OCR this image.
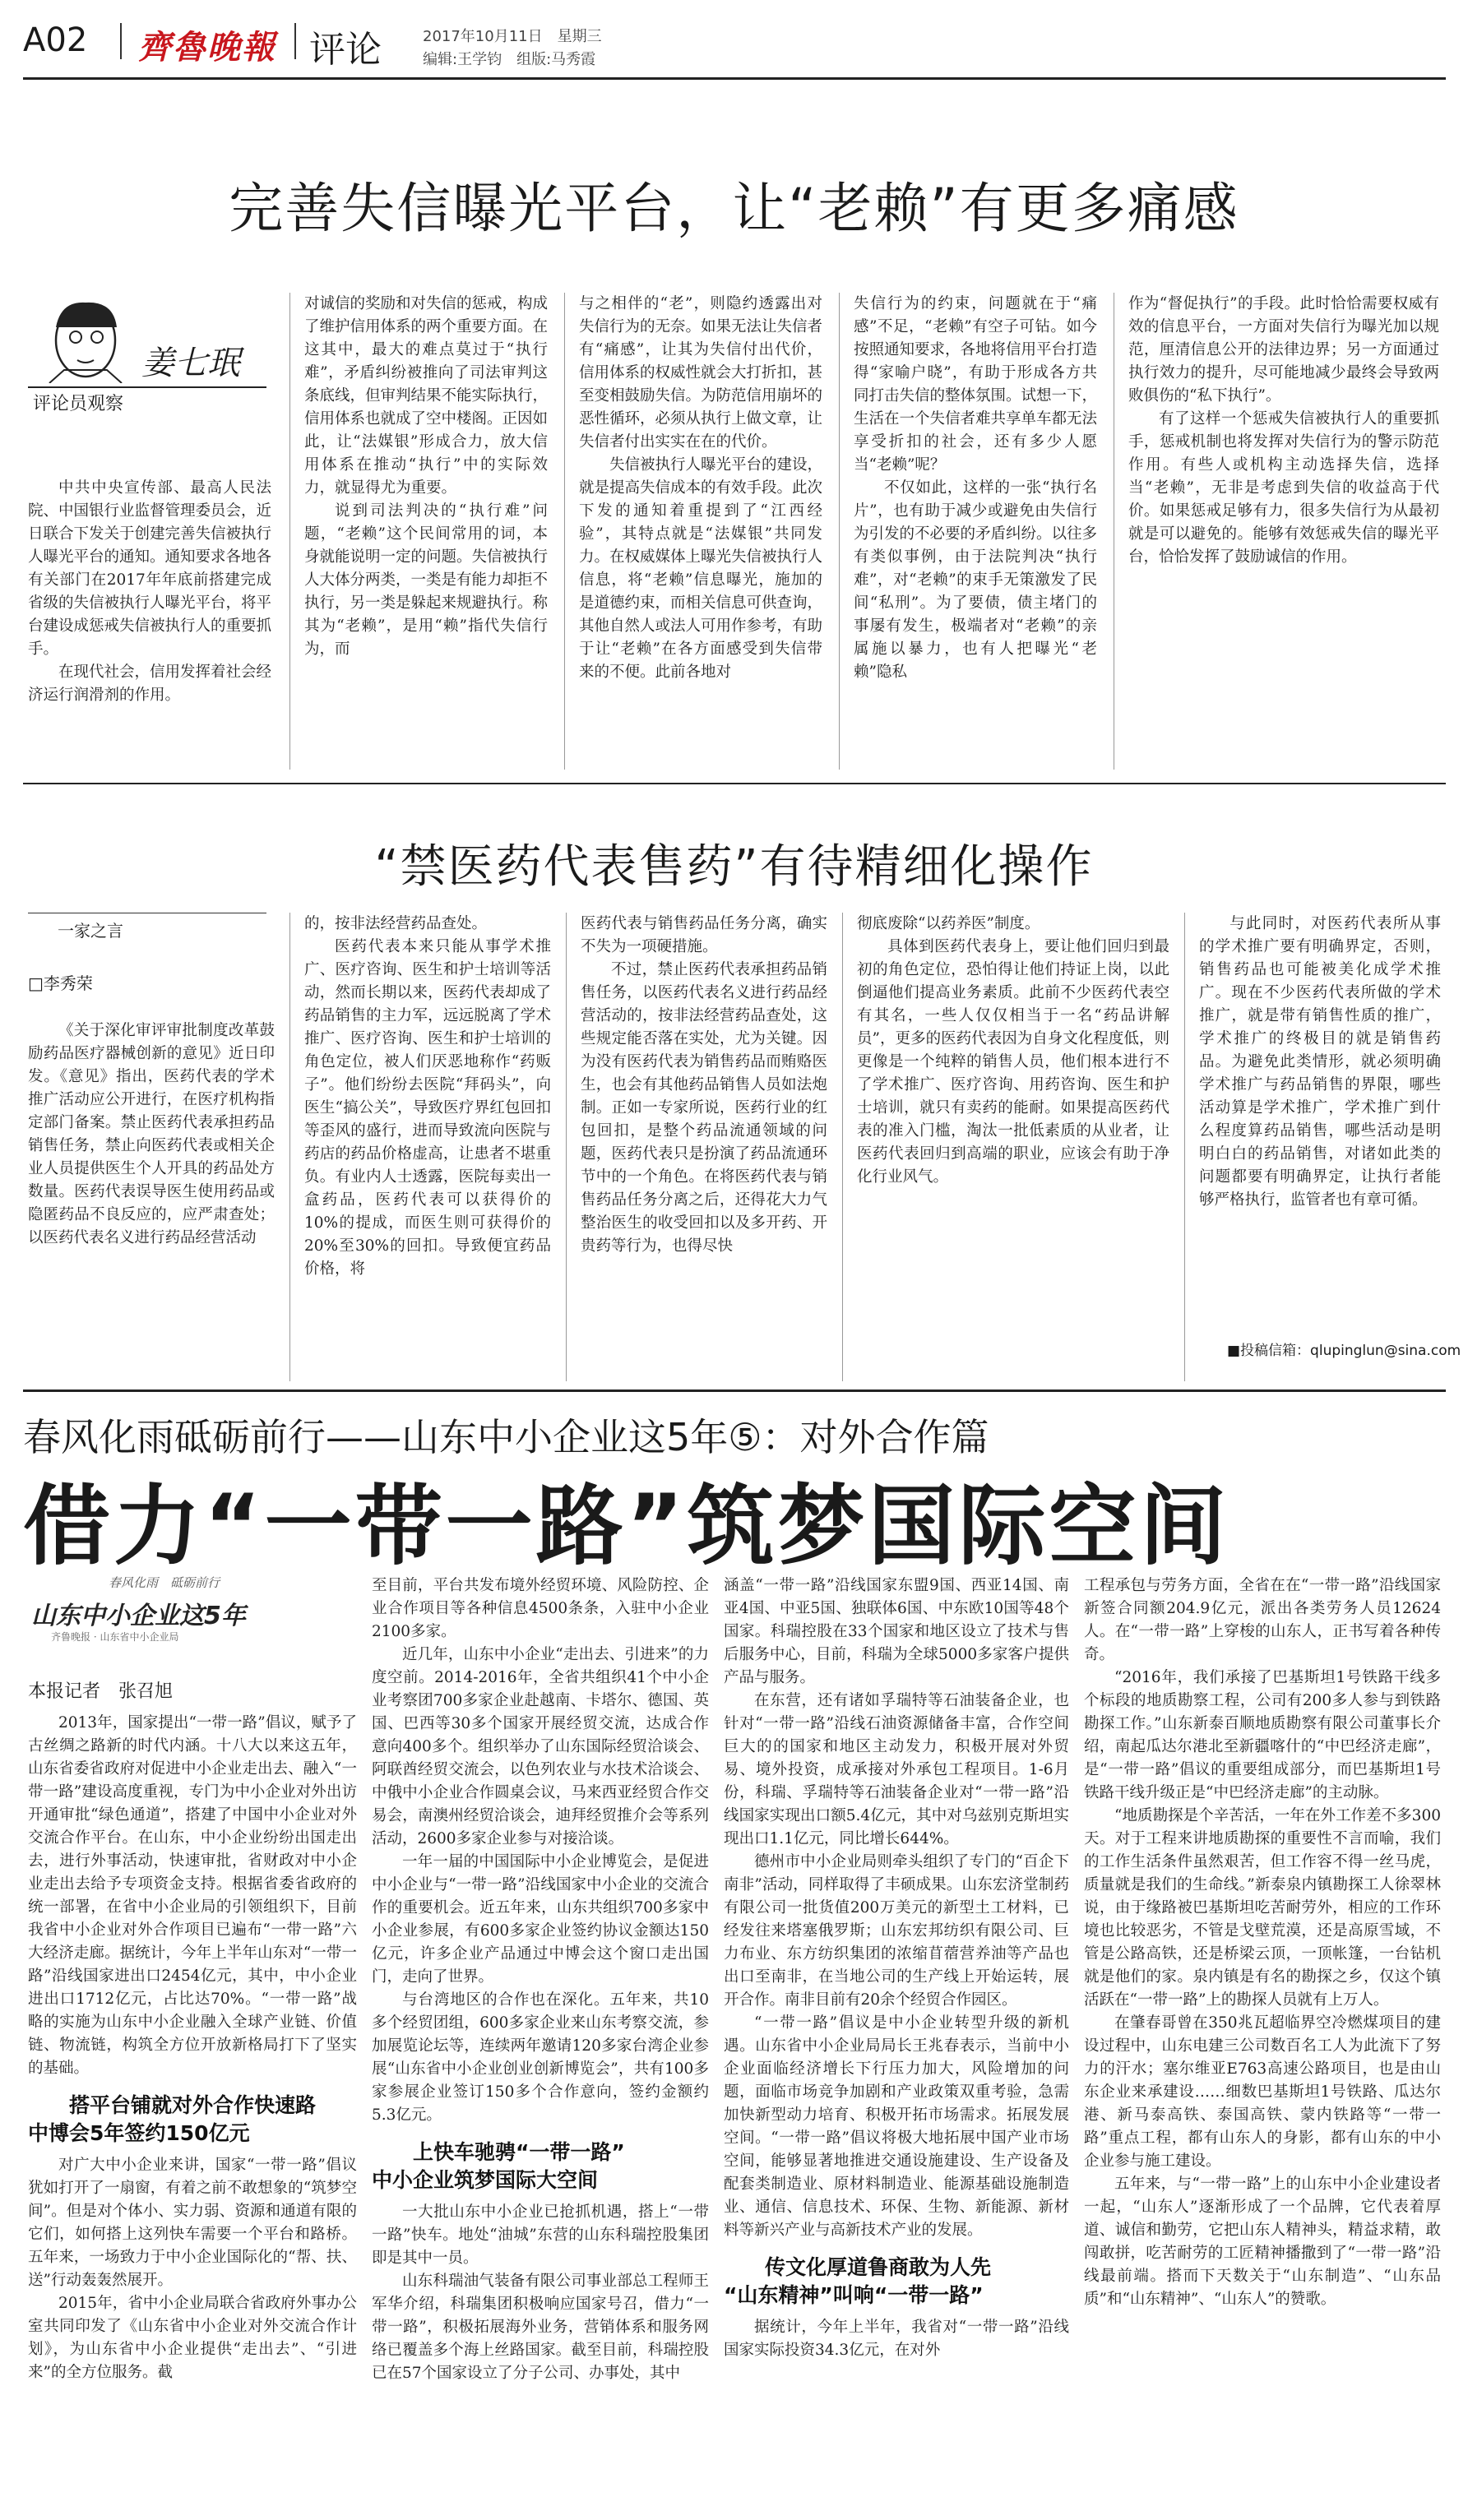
A02 齊魯晚報 评论	2017年10月11日　星期三
编辑:王学钧　组版:马秀霞
完善失信曝光平台，让“老赖”有更多痛感
姜七珉
评论员观察

中共中央宣传部、最高人民法院、中国银行业监督管理委员会，近日联合下发关于创建完善失信被执行人曝光平台的通知。通知要求各地各有关部门在2017年年底前搭建完成省级的失信被执行人曝光平台，将平台建设成惩戒失信被执行人的重要抓手。

在现代社会，信用发挥着社会经济运行润滑剂的作用。

对诚信的奖励和对失信的惩戒，构成了维护信用体系的两个重要方面。在这其中，最大的难点莫过于“执行难”，矛盾纠纷被推向了司法审判这条底线，但审判结果不能实际执行，信用体系也就成了空中楼阁。正因如此，让“法媒银”形成合力，放大信用体系在推动“执行”中的实际效力，就显得尤为重要。

说到司法判决的“执行难”问题，“老赖”这个民间常用的词，本身就能说明一定的问题。失信被执行人大体分两类，一类是有能力却拒不执行，另一类是躲起来规避执行。称其为“老赖”，是用“赖”指代失信行为，而

与之相伴的“老”，则隐约透露出对失信行为的无奈。如果无法让失信者有“痛感”，让其为失信付出代价，信用体系的权威性就会大打折扣，甚至变相鼓励失信。为防范信用崩坏的恶性循环，必须从执行上做文章，让失信者付出实实在在的代价。

失信被执行人曝光平台的建设，就是提高失信成本的有效手段。此次下发的通知着重提到了“江西经验”，其特点就是“法媒银”共同发力。在权威媒体上曝光失信被执行人信息，将“老赖”信息曝光，施加的是道德约束，而相关信息可供查询，其他自然人或法人可用作参考，有助于让“老赖”在各方面感受到失信带来的不便。此前各地对

失信行为的约束，问题就在于“痛感”不足，“老赖”有空子可钻。如今按照通知要求，各地将信用平台打造得“家喻户晓”，有助于形成各方共同打击失信的整体氛围。试想一下，生活在一个失信者难共享单车都无法享受折扣的社会，还有多少人愿当“老赖”呢？

不仅如此，这样的一张“执行名片”，也有助于减少或避免由失信行为引发的不必要的矛盾纠纷。以往多有类似事例，由于法院判决“执行难”，对“老赖”的束手无策激发了民间“私刑”。为了要债，债主堵门的事屡有发生，极端者对“老赖”的亲属施以暴力，也有人把曝光“老赖”隐私

作为“督促执行”的手段。此时恰恰需要权威有效的信息平台，一方面对失信行为曝光加以规范，厘清信息公开的法律边界；另一方面通过执行效力的提升，尽可能地减少最终会导致两败俱伤的“私下执行”。

有了这样一个惩戒失信被执行人的重要抓手，惩戒机制也将发挥对失信行为的警示防范作用。有些人或机构主动选择失信，选择当“老赖”，无非是考虑到失信的收益高于代价。如果惩戒足够有力，很多失信行为从最初就是可以避免的。能够有效惩戒失信的曝光平台，恰恰发挥了鼓励诚信的作用。

“禁医药代表售药”有待精细化操作
一家之言
□李秀荣

《关于深化审评审批制度改革鼓励药品医疗器械创新的意见》近日印发。《意见》指出，医药代表的学术推广活动应公开进行，在医疗机构指定部门备案。禁止医药代表承担药品销售任务，禁止向医药代表或相关企业人员提供医生个人开具的药品处方数量。医药代表误导医生使用药品或隐匿药品不良反应的，应严肃查处；以医药代表名义进行药品经营活动

的，按非法经营药品查处。

医药代表本来只能从事学术推广、医疗咨询、医生和护士培训等活动，然而长期以来，医药代表却成了药品销售的主力军，远远脱离了学术推广、医疗咨询、医生和护士培训的角色定位，被人们厌恶地称作“药贩子”。他们纷纷去医院“拜码头”，向医生“搞公关”，导致医疗界红包回扣等歪风的盛行，进而导致流向医院与药店的药品价格虚高，让患者不堪重负。有业内人士透露，医院每卖出一盒药品，医药代表可以获得价的10%的提成，而医生则可获得价的20%至30%的回扣。导致便宜药品价格，将

医药代表与销售药品任务分离，确实不失为一项硬措施。

不过，禁止医药代表承担药品销售任务，以医药代表名义进行药品经营活动的，按非法经营药品查处，这些规定能否落在实处，尤为关键。因为没有医药代表为销售药品而贿赂医生，也会有其他药品销售人员如法炮制。正如一专家所说，医药行业的红包回扣，是整个药品流通领域的问题，医药代表只是扮演了药品流通环节中的一个角色。在将医药代表与销售药品任务分离之后，还得花大力气整治医生的收受回扣以及多开药、开贵药等行为，也得尽快

彻底废除“以药养医”制度。

具体到医药代表身上，要让他们回归到最初的角色定位，恐怕得让他们持证上岗，以此倒逼他们提高业务素质。此前不少医药代表空有其名，一些人仅仅相当于一名“药品讲解员”，更多的医药代表因为自身文化程度低，则更像是一个纯粹的销售人员，他们根本进行不了学术推广、医疗咨询、用药咨询、医生和护士培训，就只有卖药的能耐。如果提高医药代表的准入门槛，淘汰一批低素质的从业者，让医药代表回归到高端的职业，应该会有助于净化行业风气。

与此同时，对医药代表所从事的学术推广要有明确界定，否则，销售药品也可能被美化成学术推广。现在不少医药代表所做的学术推广，就是带有销售性质的推广，学术推广的终极目的就是销售药品。为避免此类情形，就必须明确学术推广与药品销售的界限，哪些活动算是学术推广，学术推广到什么程度算药品销售，哪些活动是明明白白的药品销售，对诸如此类的问题都要有明确界定，让执行者能够严格执行，监管者也有章可循。

■投稿信箱：qlupinglun@sina.com
春风化雨砥砺前行——山东中小企业这5年⑤：对外合作篇
借力“一带一路”筑梦国际空间
春风化雨　砥砺前行
山东中小企业这5年
齐鲁晚报 · 山东省中小企业局
本报记者　张召旭

2013年，国家提出“一带一路”倡议，赋予了古丝绸之路新的时代内涵。十八大以来这五年，山东省委省政府对促进中小企业走出去、融入“一带一路”建设高度重视，专门为中小企业对外出访开通审批“绿色通道”，搭建了中国中小企业对外交流合作平台。在山东，中小企业纷纷出国走出去，进行外事活动，快速审批，省财政对中小企业走出去给予专项资金支持。根据省委省政府的统一部署，在省中小企业局的引领组织下，目前我省中小企业对外合作项目已遍布“一带一路”六大经济走廊。据统计，今年上半年山东对“一带一路”沿线国家进出口2454亿元，其中，中小企业进出口1712亿元，占比达70%。“一带一路”战略的实施为山东中小企业融入全球产业链、价值链、物流链，构筑全方位开放新格局打下了坚实的基础。

搭平台铺就对外合作快速路
中博会5年签约150亿元

对广大中小企业来讲，国家“一带一路”倡议犹如打开了一扇窗，有着之前不敢想象的“筑梦空间”。但是对个体小、实力弱、资源和通道有限的它们，如何搭上这列快车需要一个平台和路桥。五年来，一场致力于中小企业国际化的“帮、扶、送”行动轰轰然展开。

2015年，省中小企业局联合省政府外事办公室共同印发了《山东省中小企业对外交流合作计划》，为山东省中小企业提供“走出去”、“引进来”的全方位服务。截

至目前，平台共发布境外经贸环境、风险防控、企业合作项目等各种信息4500条条，入驻中小企业2100多家。

近几年，山东中小企业“走出去、引进来”的力度空前。2014-2016年，全省共组织41个中小企业考察团700多家企业赴越南、卡塔尔、德国、英国、巴西等30多个国家开展经贸交流，达成合作意向400多个。组织举办了山东国际经贸洽谈会、阿联酋经贸交流会，以色列农业与水技术洽谈会、中俄中小企业合作圆桌会议，马来西亚经贸合作交易会，南澳州经贸洽谈会，迪拜经贸推介会等系列活动，2600多家企业参与对接洽谈。

一年一届的中国国际中小企业博览会，是促进中小企业与“一带一路”沿线国家中小企业的交流合作的重要机会。近五年来，山东共组织700多家中小企业参展，有600多家企业签约协议金额达150亿元，许多企业产品通过中博会这个窗口走出国门，走向了世界。

与台湾地区的合作也在深化。五年来，共10多个经贸团组，600多家企业来山东考察交流，参加展览论坛等，连续两年邀请120多家台湾企业参展“山东省中小企业创业创新博览会”，共有100多家参展企业签订150多个合作意向，签约金额约5.3亿元。

上快车驰骋“一带一路”
中小企业筑梦国际大空间

一大批山东中小企业已抢抓机遇，搭上“一带一路”快车。地处“油城”东营的山东科瑞控股集团即是其中一员。

山东科瑞油气装备有限公司事业部总工程师王军华介绍，科瑞集团积极响应国家号召，借力“一带一路”，积极拓展海外业务，营销体系和服务网络已覆盖多个海上丝路国家。截至目前，科瑞控股已在57个国家设立了分子公司、办事处，其中

涵盖“一带一路”沿线国家东盟9国、西亚14国、南亚4国、中亚5国、独联体6国、中东欧10国等48个国家。科瑞控股在33个国家和地区设立了技术与售后服务中心，目前，科瑞为全球5000多家客户提供产品与服务。

在东营，还有诸如孚瑞特等石油装备企业，也针对“一带一路”沿线石油资源储备丰富，合作空间巨大的的国家和地区主动发力，积极开展对外贸易、境外投资，成承接对外承包工程项目。1-6月份，科瑞、孚瑞特等石油装备企业对“一带一路”沿线国家实现出口额5.4亿元，其中对乌兹别克斯坦实现出口1.1亿元，同比增长644%。

德州市中小企业局则牵头组织了专门的“百企下南非”活动，同样取得了丰硕成果。山东宏济堂制药有限公司一批货值200万美元的新型土工材料，已经发往来塔塞俄罗斯；山东宏邦纺织有限公司、巨力布业、东方纺织集团的浓缩苜蓿营养油等产品也出口至南非，在当地公司的生产线上开始运转，展开合作。南非目前有20余个经贸合作园区。

“一带一路”倡议是中小企业转型升级的新机遇。山东省中小企业局局长王兆春表示，当前中小企业面临经济增长下行压力加大，风险增加的问题，面临市场竞争加剧和产业政策双重考验，急需加快新型动力培育、积极开拓市场需求。拓展发展空间。“一带一路”倡议将极大地拓展中国产业市场空间，能够显著地推进交通设施建设、生产设备及配套类制造业、原材料制造业、能源基础设施制造业、通信、信息技术、环保、生物、新能源、新材料等新兴产业与高新技术产业的发展。

传文化厚道鲁商敢为人先
“山东精神”叫响“一带一路”

据统计，今年上半年，我省对“一带一路”沿线国家实际投资34.3亿元，在对外

工程承包与劳务方面，全省在在“一带一路”沿线国家新签合同额204.9亿元，派出各类劳务人员12624人。在“一带一路”上穿梭的山东人，正书写着各种传奇。

“2016年，我们承接了巴基斯坦1号铁路干线多个标段的地质勘察工程，公司有200多人参与到铁路勘探工作。”山东新泰百顺地质勘察有限公司董事长介绍，南起瓜达尔港北至新疆喀什的“中巴经济走廊”，是“一带一路”倡议的重要组成部分，而巴基斯坦1号铁路干线升级正是“中巴经济走廊”的主动脉。

“地质勘探是个辛苦活，一年在外工作差不多300天。对于工程来讲地质勘探的重要性不言而喻，我们的工作生活条件虽然艰苦，但工作容不得一丝马虎，质量就是我们的生命线。”新泰泉内镇勘探工人徐翠林说，由于缘路被巴基斯坦吃苦耐劳外，相应的工作环境也比较恶劣，不管是戈壁荒漠，还是高原雪域，不管是公路高铁，还是桥梁云顶，一顶帐篷，一台钻机就是他们的家。泉内镇是有名的勘探之乡，仅这个镇活跃在“一带一路”上的勘探人员就有上万人。

在肇春哥曾在350兆瓦超临界空冷燃煤项目的建设过程中，山东电建三公司数百名工人为此流下了努力的汗水；塞尔维亚E763高速公路项目，也是由山东企业来承建设……细数巴基斯坦1号铁路、瓜达尔港、新马泰高铁、泰国高铁、蒙内铁路等“一带一路”重点工程，都有山东人的身影，都有山东的中小企业参与施工建设。

五年来，与“一带一路”上的山东中小企业建设者一起，“山东人”逐渐形成了一个品牌，它代表着厚道、诚信和勤劳，它把山东人精神头，精益求精，敢闯敢拼，吃苦耐劳的工匠精神播撒到了“一带一路”沿线最前端。搭而下天数关于“山东制造”、“山东品质”和“山东精神”、“山东人”的赞歌。
